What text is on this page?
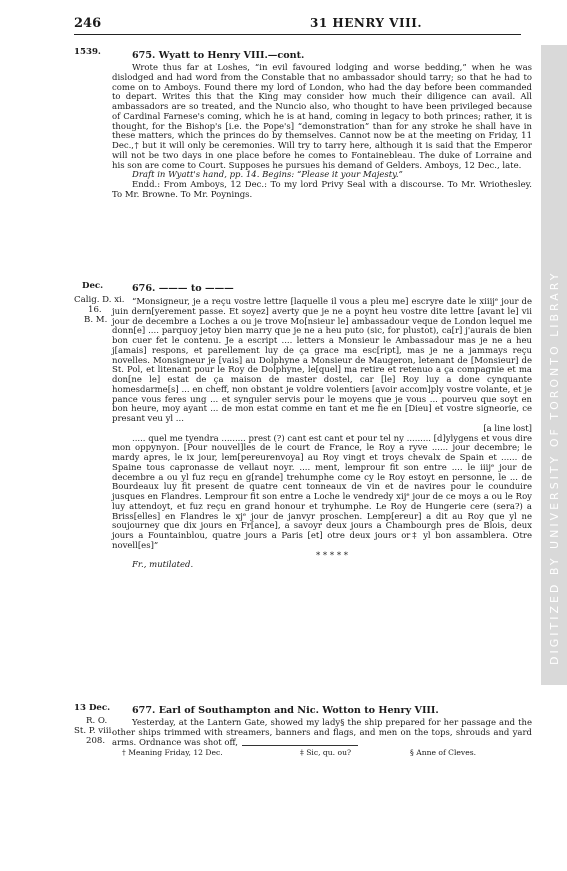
246	31 HENRY VIII.
1539.
Dec.
Calig. D. xi.
16.
B. M.
13 Dec.
R. O.
St. P. viii.
208.
675. Wyatt to Henry VIII.—cont.

Wrote thus far at Loshes, “in evil favoured lodging and worse bedding,” when he was dislodged and had word from the Constable that no ambassador should tarry; so that he had to come on to Amboys. Found there my lord of London, who had the day before been commanded to depart. Writes this that the King may consider how much their diligence can avail. All ambassadors are so treated, and the Nuncio also, who thought to have been privileged because of Cardinal Farnese's coming, which he is at hand, coming in legacy to both princes; rather, it is thought, for the Bishop's [i.e. the Pope's] “demonstration” than for any stroke he shall have in these matters, which the princes do by themselves. Cannot now be at the meeting on Friday, 11 Dec.,† but it will only be ceremonies. Will try to tarry here, although it is said that the Emperor will not be two days in one place before he comes to Fontainebleau. The duke of Lorraine and his son are come to Court. Supposes he pursues his demand of Gelders. Amboys, 12 Dec., late.

Draft in Wyatt's hand, pp. 14. Begins: “Please it your Majesty.”

Endd.: From Amboys, 12 Dec.: To my lord Privy Seal with a discourse. To Mr. Wriothesley. To Mr. Browne. To Mr. Poynings.

676. ——— to ———

“Monsigneur, je a reçu vostre lettre [laquelle il vous a pleu me] escryre date le xiiijᵉ jour de juin dern[yerement passe. Et soyez] averty que je ne a poynt heu vostre dite lettre [avant le] vii jour de decembre a Loches a ou je trove Mo[nsieur le] ambassadour veque de London lequel me donn[e] .... parquoy jetoy bien marry que je ne a heu puto (sic, for plustot), ca[r] j'aurais de bien bon cuer fet le contenu. Je a escript .... letters a Monsieur le Ambassadour mas je ne a heu j[amais] respons, et parellement luy de ça grace ma esc[ript], mas je ne a jammays reçu novelles. Monsigneur je [vais] au Dolphyne a Monsieur de Maugeron, letenant de [Monsieur] de St. Pol, et litenant pour le Roy de Dolphyne, le[quel] ma retire et retenuo a ça compagnie et ma don[ne le] estat de ça maison de master dostel, car [le] Roy luy a done cynquante homesdarme[s] ... en cheff, non obstant je voldre volentiers [avoir accom]ply vostre volante, et je pance vous feres ung ... et synguler servis pour le moyens que je vous ... pourveu que soyt en bon heure, moy ayant ... de mon estat comme en tant et me fie en [Dieu] et vostre signeorie, ce presant veu yl ...

[a line lost]

..... quel me tyendra ......... prest (?) cant est cant et pour tel ny ......... [d]ylygens et vous dire mon oppynyon. [Pour nouvel]les de le court de France, le Roy a ryve ...... jour decembre; le mardy apres, le ix jour, lem[pereurenvoya] au Roy vingt et troys chevalx de Spain et ...... de Spaine tous capronasse de vellaut noyr. .... ment, lemprour fit son entre .... le iiijᵉ jour de decembre a ou yl fuz reçu en g[rande] trehumphe come cy le Roy estoyt en personne, le ... de Bourdeaux luy fit present de quatre cent tonneaux de vin et de navires pour le counduire jusques en Flandres. Lemprour fit son entre a Loche le vendredy xijᵉ jour de ce moys a ou le Roy luy attendoyt, et fuz reçu en grand honour et tryhumphe. Le Roy de Hungerie cere (sera?) a Briss[elles] en Flandres le xjᵉ jour de janvyr proschen. Lemp[ereur] a dit au Roy que yl ne soujourney que dix jours en Fr[ance], a savoyr deux jours a Chambourgh pres de Blois, deux jours a Fountainblou, quatre jours a Paris [et] otre deux jours or‡ yl bon assamblera. Otre novell[es]”

* * * * *

Fr., mutilated.

677. Earl of Southampton and Nic. Wotton to Henry VIII.

Yesterday, at the Lantern Gate, showed my lady§ the ship prepared for her passage and the other ships trimmed with streamers, banners and flags, and men on the tops, shrouds and yard arms. Ordnance was shot off,

† Meaning Friday, 12 Dec.	‡ Sic, qu. ou?	§ Anne of Cleves.
DIGITIZED BY UNIVERSITY OF TORONTO LIBRARY
